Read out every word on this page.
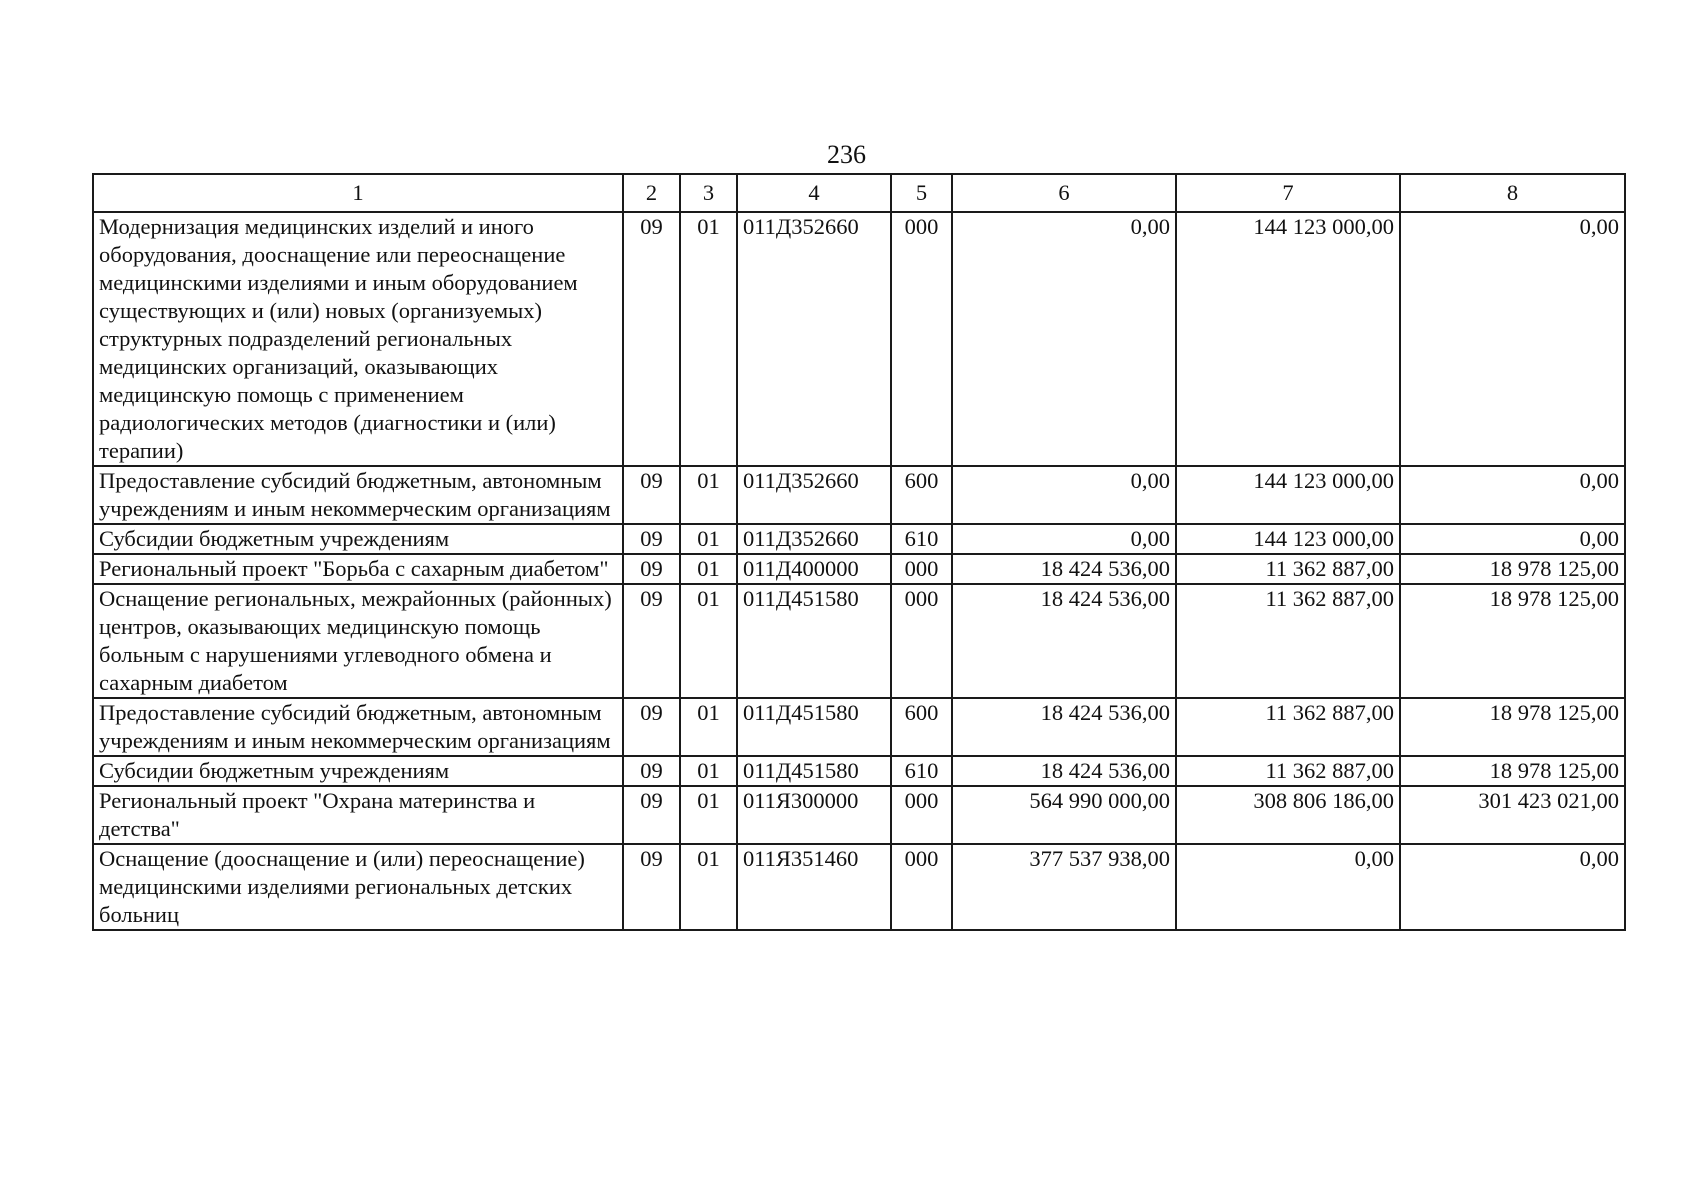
236
1	2	3	4	5	6	7	8
Модернизация медицинских изделий и иного оборудования, дооснащение или переоснащение медицинскими изделиями и иным оборудованием существующих и (или) новых (организуемых) структурных подразделений региональных медицинских организаций, оказывающих медицинскую помощь с применением радиологических методов (диагностики и (или) терапии)	09	01	011Д352660	000	0,00	144 123 000,00	0,00
Предоставление субсидий бюджетным, автономным учреждениям и иным некоммерческим организациям	09	01	011Д352660	600	0,00	144 123 000,00	0,00
Субсидии бюджетным учреждениям	09	01	011Д352660	610	0,00	144 123 000,00	0,00
Региональный проект "Борьба с сахарным диабетом"	09	01	011Д400000	000	18 424 536,00	11 362 887,00	18 978 125,00
Оснащение региональных, межрайонных (районных) центров, оказывающих медицинскую помощь больным с нарушениями углеводного обмена и сахарным диабетом	09	01	011Д451580	000	18 424 536,00	11 362 887,00	18 978 125,00
Предоставление субсидий бюджетным, автономным учреждениям и иным некоммерческим организациям	09	01	011Д451580	600	18 424 536,00	11 362 887,00	18 978 125,00
Субсидии бюджетным учреждениям	09	01	011Д451580	610	18 424 536,00	11 362 887,00	18 978 125,00
Региональный проект "Охрана материнства и детства"	09	01	011Я300000	000	564 990 000,00	308 806 186,00	301 423 021,00
Оснащение (дооснащение и (или) переоснащение) медицинскими изделиями региональных детских больниц	09	01	011Я351460	000	377 537 938,00	0,00	0,00
